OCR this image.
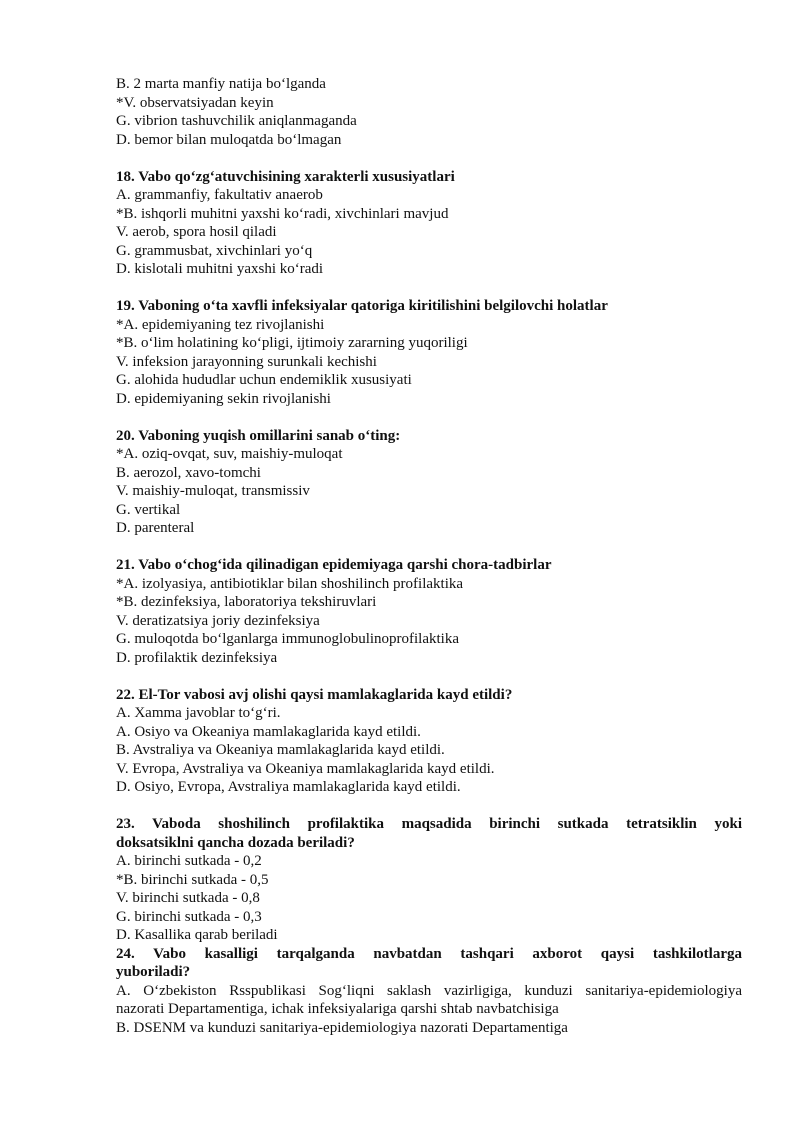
B. 2 marta manfiy natija bo‘lganda
*V. observatsiyadan keyin
G. vibrion tashuvchilik aniqlanmaganda
D. bemor bilan muloqatda bo‘lmagan
18. Vabo qo‘zg‘atuvchisining xarakterli xususiyatlari
A. grammanfiy, fakultativ anaerob
*B. ishqorli muhitni yaxshi ko‘radi, xivchinlari mavjud
V. aerob, spora hosil qiladi
G. grammusbat, xivchinlari yo‘q
D. kislotali muhitni yaxshi ko‘radi
19. Vaboning o‘ta xavfli infeksiyalar qatoriga kiritilishini belgilovchi holatlar
*A. epidemiyaning tez rivojlanishi
*B. o‘lim holatining ko‘pligi, ijtimoiy zararning yuqoriligi
V. infeksion jarayonning surunkali kechishi
G. alohida hududlar uchun endemiklik xususiyati
D. epidemiyaning sekin rivojlanishi
20. Vaboning yuqish omillarini sanab o‘ting:
*A. oziq-ovqat, suv, maishiy-muloqat
B. aerozol, xavo-tomchi
V. maishiy-muloqat, transmissiv
G. vertikal
D. parenteral
21. Vabo o‘chog‘ida qilinadigan epidemiyaga qarshi chora-tadbirlar
*A. izolyasiya, antibiotiklar bilan shoshilinch profilaktika
*B. dezinfeksiya, laboratoriya tekshiruvlari
V. deratizatsiya joriy dezinfeksiya
G. muloqotda bo‘lganlarga immunoglobulinoprofilaktika
D. profilaktik dezinfeksiya
22. El-Tor vabosi avj olishi qaysi mamlakaglarida kayd etildi?
A. Xamma javoblar to‘g‘ri.
A. Osiyo va Okeaniya mamlakaglarida kayd etildi.
B. Avstraliya va Okeaniya mamlakaglarida kayd etildi.
V. Evropa, Avstraliya va Okeaniya mamlakaglarida kayd etildi.
D. Osiyo, Evropa, Avstraliya mamlakaglarida kayd etildi.
23. Vaboda shoshilinch profilaktika maqsadida birinchi sutkada tetratsiklin yoki
doksatsiklni qancha dozada beriladi?
A. birinchi sutkada - 0,2
*B. birinchi sutkada - 0,5
V. birinchi sutkada - 0,8
G. birinchi sutkada - 0,3
D. Kasallika qarab beriladi
24. Vabo kasalligi tarqalganda navbatdan tashqari axborot qaysi tashkilotlarga
yuboriladi?
A. O‘zbekiston Rsspublikasi Sog‘liqni saklash vazirligiga, kunduzi sanitariya-epidemiologiya
nazorati Departamentiga, ichak infeksiyalariga qarshi shtab navbatchisiga
B. DSENM va kunduzi sanitariya-epidemiologiya nazorati Departamentiga
